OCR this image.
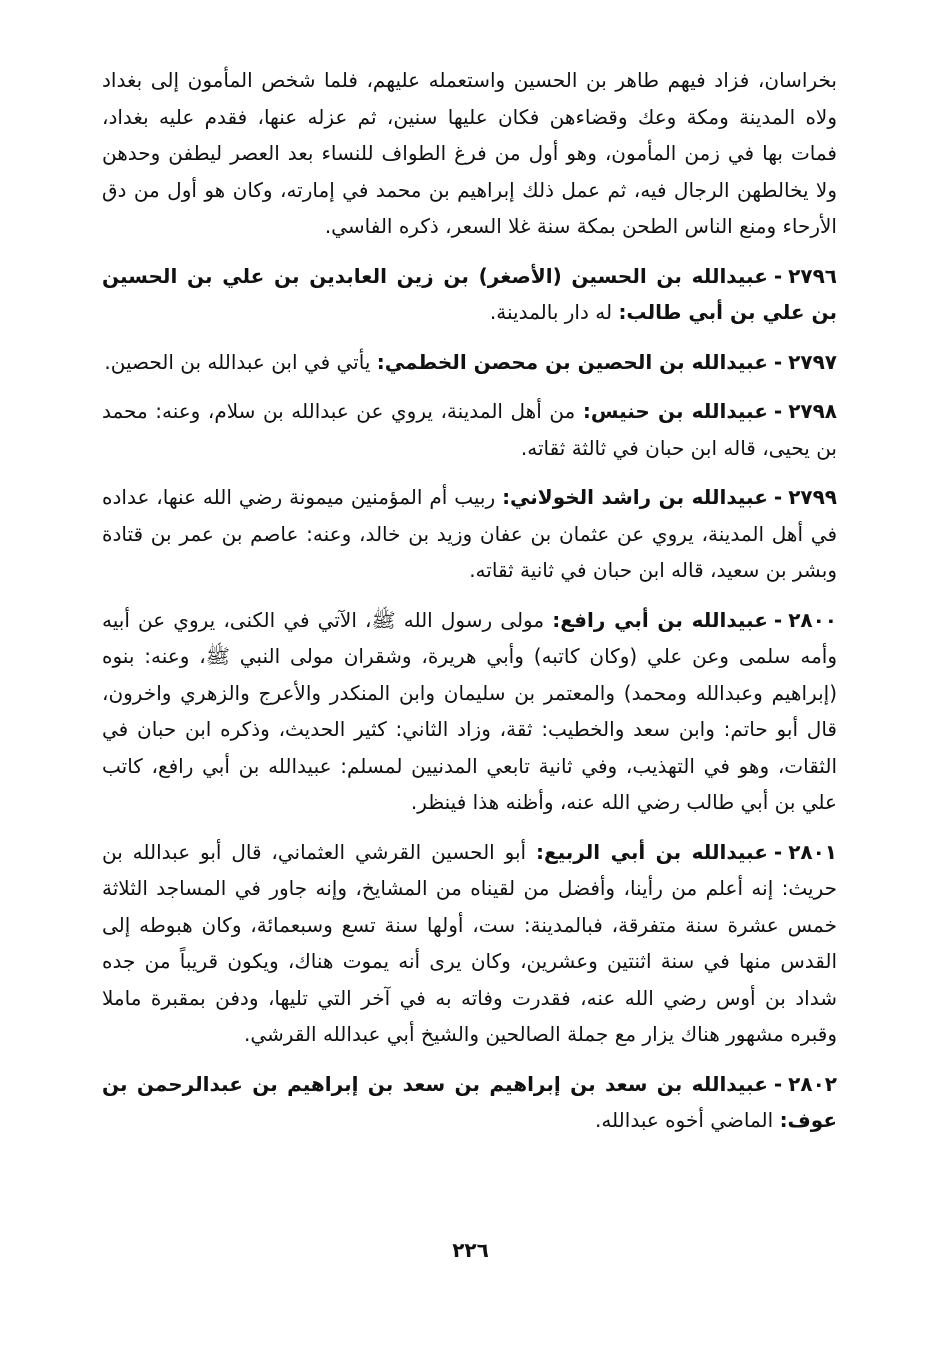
بخراسان، فزاد فيهم طاهر بن الحسين واستعمله عليهم، فلما شخص المأمون إلى بغداد ولاه المدينة ومكة وعك وقضاءهن فكان عليها سنين، ثم عزله عنها، فقدم عليه بغداد، فمات بها في زمن المأمون، وهو أول من فرغ الطواف للنساء بعد العصر ليطفن وحدهن ولا يخالطهن الرجال فيه، ثم عمل ذلك إبراهيم بن محمد في إمارته، وكان هو أول من دق الأرحاء ومنع الناس الطحن بمكة سنة غلا السعر، ذكره الفاسي.

٢٧٩٦-عبيدالله بن الحسين (الأصغر) بن زين العابدين بن علي بن الحسين بن علي بن أبي طالب: له دار بالمدينة.

٢٧٩٧-عبيدالله بن الحصين بن محصن الخطمي: يأتي في ابن عبدالله بن الحصين.

٢٧٩٨-عبيدالله بن حنيس: من أهل المدينة، يروي عن عبدالله بن سلام، وعنه: محمد بن يحيى، قاله ابن حبان في ثالثة ثقاته.

٢٧٩٩-عبيدالله بن راشد الخولاني: ربيب أم المؤمنين ميمونة رضي الله عنها، عداده في أهل المدينة، يروي عن عثمان بن عفان وزيد بن خالد، وعنه: عاصم بن عمر بن قتادة وبشر بن سعيد، قاله ابن حبان في ثانية ثقاته.

٢٨٠٠-عبيدالله بن أبي رافع: مولى رسول الله ﷺ، الآتي في الكنى، يروي عن أبيه وأمه سلمى وعن علي (وكان كاتبه) وأبي هريرة، وشقران مولى النبي ﷺ، وعنه: بنوه (إبراهيم وعبدالله ومحمد) والمعتمر بن سليمان وابن المنكدر والأعرج والزهري واخرون، قال أبو حاتم: وابن سعد والخطيب: ثقة، وزاد الثاني: كثير الحديث، وذكره ابن حبان في الثقات، وهو في التهذيب، وفي ثانية تابعي المدنيين لمسلم: عبيدالله بن أبي رافع، كاتب علي بن أبي طالب رضي الله عنه، وأظنه هذا فينظر.

٢٨٠١-عبيدالله بن أبي الربيع: أبو الحسين القرشي العثماني، قال أبو عبدالله بن حريث: إنه أعلم من رأينا، وأفضل من لقيناه من المشايخ، وإنه جاور في المساجد الثلاثة خمس عشرة سنة متفرقة، فبالمدينة: ست، أولها سنة تسع وسبعمائة، وكان هبوطه إلى القدس منها في سنة اثنتين وعشرين، وكان يرى أنه يموت هناك، ويكون قريباً من جده شداد بن أوس رضي الله عنه، فقدرت وفاته به في آخر التي تليها، ودفن بمقبرة ماملا وقبره مشهور هناك يزار مع جملة الصالحين والشيخ أبي عبدالله القرشي.

٢٨٠٢-عبيدالله بن سعد بن إبراهيم بن سعد بن إبراهيم بن عبدالرحمن بن عوف: الماضي أخوه عبدالله.

٢٢٦
